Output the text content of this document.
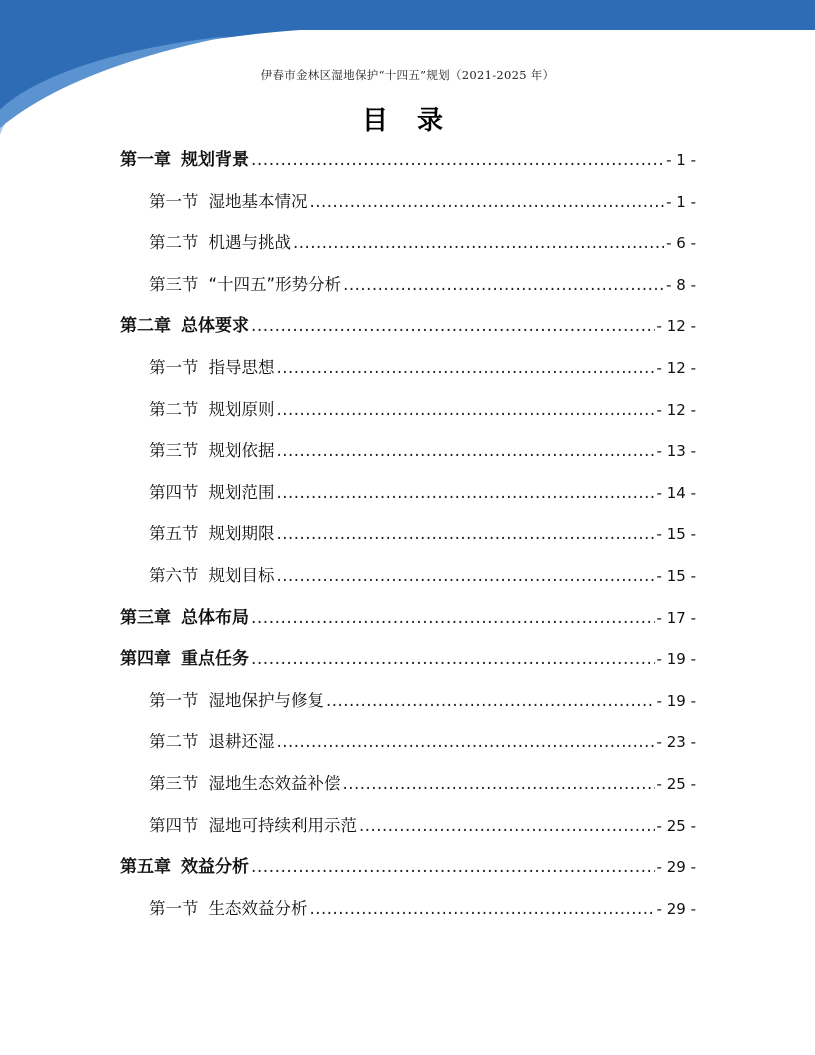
伊春市金林区湿地保护“十四五”规划（2021-2025 年）
目 录
第一章 规划背景 .....	- 1 -
第一节 湿地基本情况 .....	- 1 -
第二节 机遇与挑战 .....	- 6 -
第三节 “十四五”形势分析 .....	- 8 -
第二章 总体要求 .....	- 12 -
第一节 指导思想 .....	- 12 -
第二节 规划原则 .....	- 12 -
第三节 规划依据 .....	- 13 -
第四节 规划范围 .....	- 14 -
第五节 规划期限 .....	- 15 -
第六节 规划目标 .....	- 15 -
第三章 总体布局 .....	- 17 -
第四章 重点任务 .....	- 19 -
第一节 湿地保护与修复 .....	- 19 -
第二节 退耕还湿 .....	- 23 -
第三节 湿地生态效益补偿 .....	- 25 -
第四节 湿地可持续利用示范 .....	- 25 -
第五章 效益分析 .....	- 29 -
第一节 生态效益分析 .....	- 29 -
